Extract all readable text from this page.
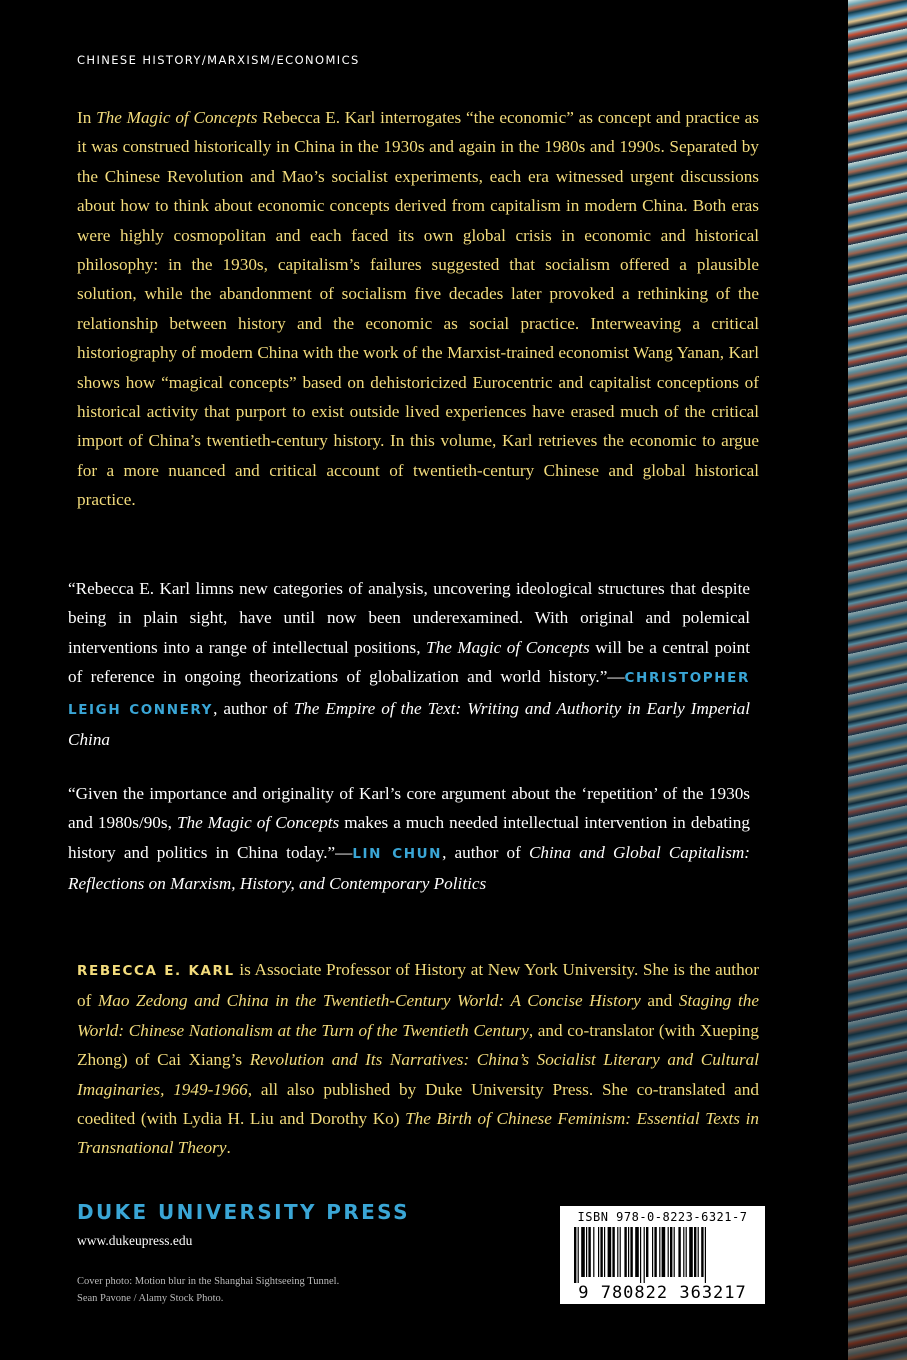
CHINESE HISTORY/MARXISM/ECONOMICS
In The Magic of Concepts Rebecca E. Karl interrogates “the economic” as concept and practice as it was construed historically in China in the 1930s and again in the 1980s and 1990s. Separated by the Chinese Revolution and Mao’s socialist experiments, each era witnessed urgent discussions about how to think about economic concepts derived from capitalism in modern China. Both eras were highly cosmopolitan and each faced its own global crisis in economic and historical philosophy: in the 1930s, capitalism’s failures suggested that socialism offered a plausible solution, while the abandonment of socialism five decades later provoked a rethinking of the relationship between history and the economic as social practice. Interweaving a critical historiography of modern China with the work of the Marxist-trained economist Wang Yanan, Karl shows how “magical concepts” based on dehistoricized Eurocentric and capitalist conceptions of historical activity that purport to exist outside lived experiences have erased much of the critical import of China’s twentieth-century history. In this volume, Karl retrieves the economic to argue for a more nuanced and critical account of twentieth-century Chinese and global historical practice.
“Rebecca E. Karl limns new categories of analysis, uncovering ideological structures that despite being in plain sight, have until now been underexamined. With original and polemical interventions into a range of intellectual positions, The Magic of Concepts will be a central point of reference in ongoing theorizations of globalization and world history.”—CHRISTOPHER LEIGH CONNERY, author of The Empire of the Text: Writing and Authority in Early Imperial China
“Given the importance and originality of Karl’s core argument about the ‘repetition’ of the 1930s and 1980s/90s, The Magic of Concepts makes a much needed intellectual intervention in debating history and politics in China today.”—LIN CHUN, author of China and Global Capitalism: Reflections on Marxism, History, and Contemporary Politics
REBECCA E. KARL is Associate Professor of History at New York University. She is the author of Mao Zedong and China in the Twentieth-Century World: A Concise History and Staging the World: Chinese Nationalism at the Turn of the Twentieth Century, and co-translator (with Xueping Zhong) of Cai Xiang’s Revolution and Its Narratives: China’s Socialist Literary and Cultural Imaginaries, 1949-1966, all also published by Duke University Press. She co-translated and coedited (with Lydia H. Liu and Dorothy Ko) The Birth of Chinese Feminism: Essential Texts in Transnational Theory.
DUKE UNIVERSITY PRESS
www.dukeupress.edu
Cover photo: Motion blur in the Shanghai Sightseeing Tunnel.
Sean Pavone / Alamy Stock Photo.
ISBN 978-0-8223-6321-7
9 780822 363217
